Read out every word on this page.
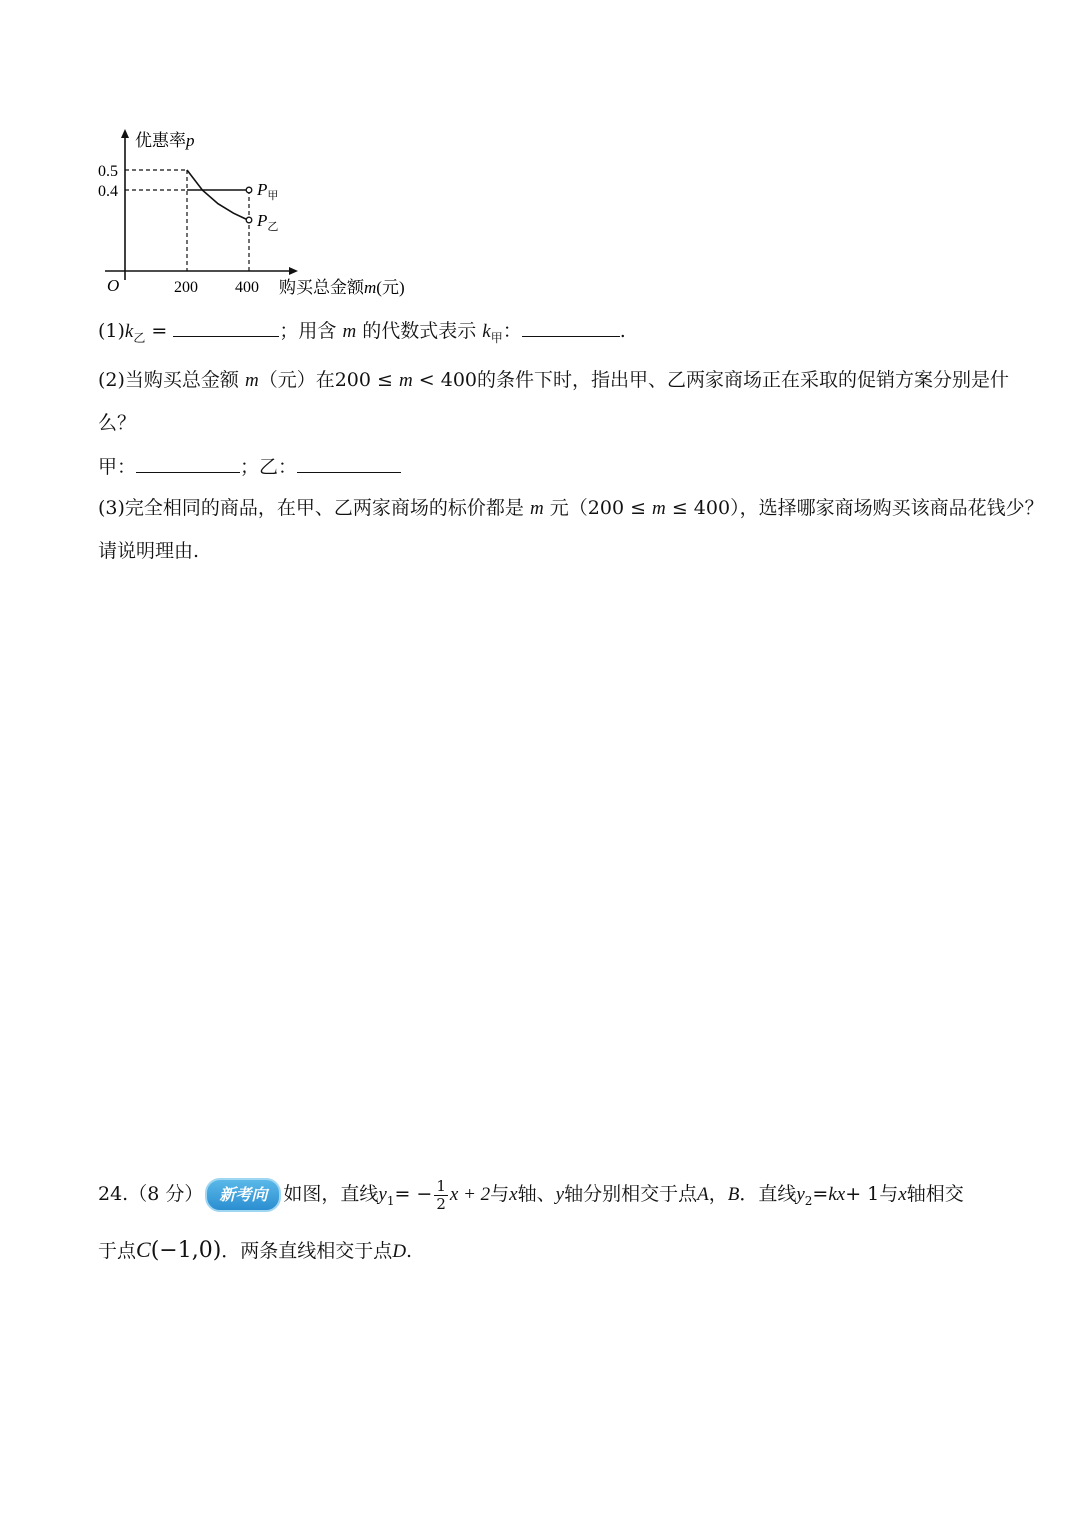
优惠率p
0.5
0.4
O	200 400 购买总金额m(元)
$P_甲$
$P_乙$
$(1)k_乙$ =	；用含 m 的代数式表示 $k_甲$：	.
(2)当购买总金额 m（元）在200 ≤ m < 400的条件下时，指出甲、乙两家商场正在采取的促销方案分别是什
么？
甲：	；乙：
(3)完全相同的商品，在甲、乙两家商场的标价都是 m 元（200 ≤ m ≤ 400），选择哪家商场购买该商品花钱少？
请说明理由.
24.（8 分） 新考向 如图，直线$y_1= - \frac{1}{2}$ x + 2与x轴、y轴分别相交于点A，B．直线$y_2=kx+ 1$与x轴相交
于点C(−1,0)．两条直线相交于点D.
